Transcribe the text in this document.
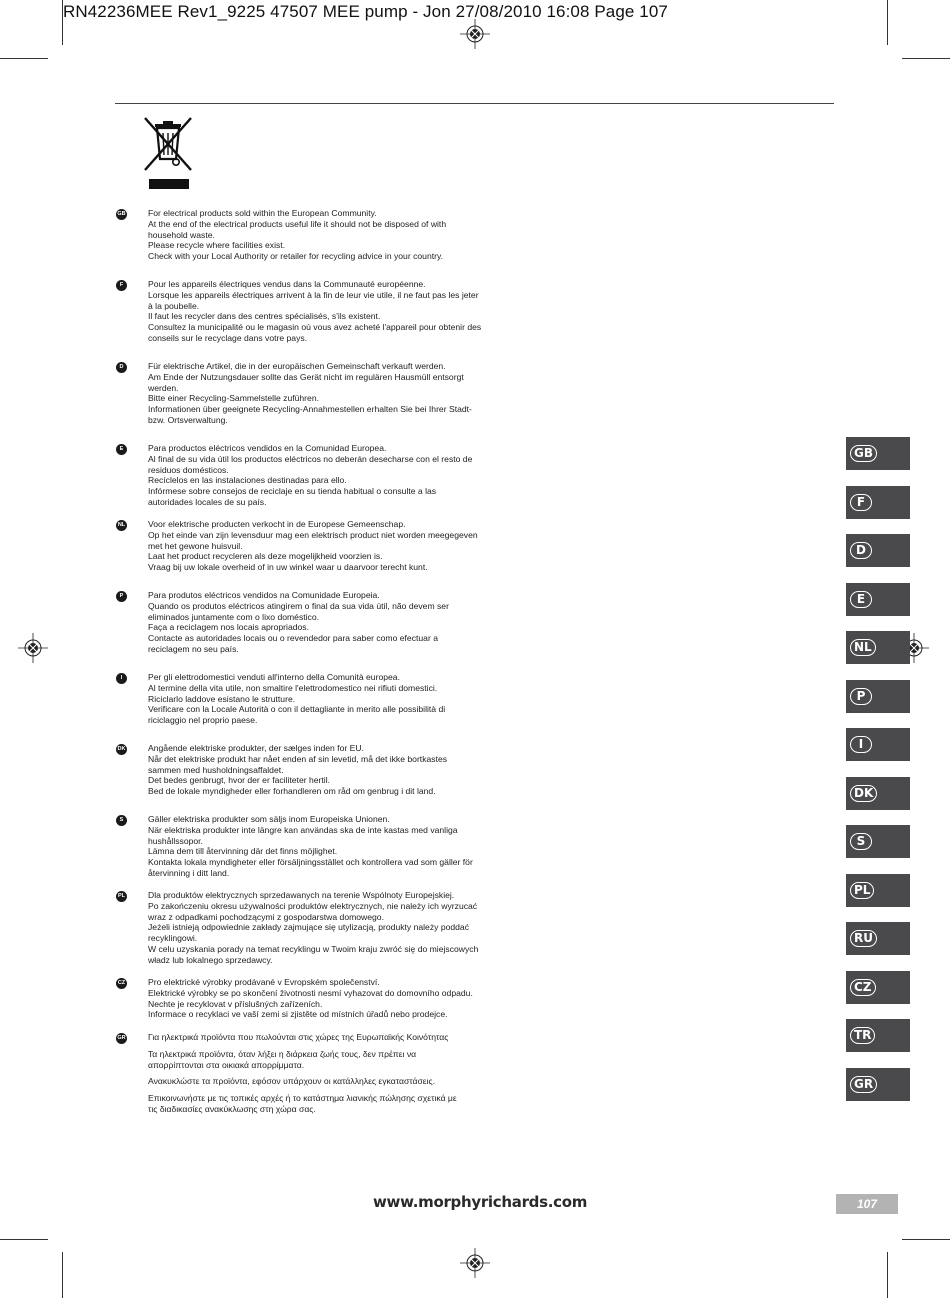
RN42236MEE Rev1_9225 47507 MEE pump - Jon 27/08/2010 16:08 Page 107
GB	For electrical products sold within the European Community.
At the end of the electrical products useful life it should not be disposed of with
household waste.
Please recycle where facilities exist.
Check with your Local Authority or retailer for recycling advice in your country.
F	Pour les appareils électriques vendus dans la Communauté européenne.
Lorsque les appareils électriques arrivent à la fin de leur vie utile, il ne faut pas les jeter
à la poubelle.
Il faut les recycler dans des centres spécialisés, s'ils existent.
Consultez la municipalité ou le magasin où vous avez acheté l'appareil pour obtenir des
conseils sur le recyclage dans votre pays.
D	Für elektrische Artikel, die in der europäischen Gemeinschaft verkauft werden.
Am Ende der Nutzungsdauer sollte das Gerät nicht im regulären Hausmüll entsorgt
werden.
Bitte einer Recycling-Sammelstelle zuführen.
Informationen über geeignete Recycling-Annahmestellen erhalten Sie bei Ihrer Stadt-
bzw. Ortsverwaltung.
E	Para productos eléctricos vendidos en la Comunidad Europea.
Al final de su vida útil los productos eléctricos no deberán desecharse con el resto de
residuos domésticos.
Recíclelos en las instalaciones destinadas para ello.
Infórmese sobre consejos de reciclaje en su tienda habitual o consulte a las
autoridades locales de su país.
NL	Voor elektrische producten verkocht in de Europese Gemeenschap.
Op het einde van zijn levensduur mag een elektrisch product niet worden meegegeven
met het gewone huisvuil.
Laat het product recycleren als deze mogelijkheid voorzien is.
Vraag bij uw lokale overheid of in uw winkel waar u daarvoor terecht kunt.
P	Para produtos eléctricos vendidos na Comunidade Europeia.
Quando os produtos eléctricos atingirem o final da sua vida útil, não devem ser
eliminados juntamente com o lixo doméstico.
Faça a reciclagem nos locais apropriados.
Contacte as autoridades locais ou o revendedor para saber como efectuar a
reciclagem no seu país.
I	Per gli elettrodomestici venduti all'interno della Comunità europea.
Al termine della vita utile, non smaltire l'elettrodomestico nei rifiuti domestici.
Riciclarlo laddove esistano le strutture.
Verificare con la Locale Autorità o con il dettagliante in merito alle possibilità di
riciclaggio nel proprio paese.
DK	Angående elektriske produkter, der sælges inden for EU.
Når det elektriske produkt har nået enden af sin levetid, må det ikke bortkastes
sammen med husholdningsaffaldet.
Det bedes genbrugt, hvor der er faciliteter hertil.
Bed de lokale myndigheder eller forhandleren om råd om genbrug i dit land.
S	Gäller elektriska produkter som säljs inom Europeiska Unionen.
När elektriska produkter inte längre kan användas ska de inte kastas med vanliga
hushållssopor.
Lämna dem till återvinning där det finns möjlighet.
Kontakta lokala myndigheter eller försäljningsstället och kontrollera vad som gäller för
återvinning i ditt land.
PL	Dla produktów elektrycznych sprzedawanych na terenie Wspólnoty Europejskiej.
Po zakończeniu okresu używalności produktów elektrycznych, nie należy ich wyrzucać
wraz z odpadkami pochodzącymi z gospodarstwa domowego.
Jeżeli istnieją odpowiednie zakłady zajmujące się utylizacją, produkty należy poddać
recyklingowi.
W celu uzyskania porady na temat recyklingu w Twoim kraju zwróć się do miejscowych
władz lub lokalnego sprzedawcy.
CZ	Pro elektrické výrobky prodávané v Evropském společenství.
Elektrické výrobky se po skončení životnosti nesmí vyhazovat do domovního odpadu.
Nechte je recyklovat v příslušných zařízeních.
Informace o recyklaci ve vaší zemi si zjistěte od místních úřadů nebo prodejce.
GR	Για ηλεκτρικά προϊόντα που πωλούνται στις χώρες της Ευρωπαϊκής Κοινότητας
Τα ηλεκτρικά προϊόντα, όταν λήξει η διάρκεια ζωής τους, δεν πρέπει να
απορρίπτονται στα οικιακά απορρίμματα.
Ανακυκλώστε τα προϊόντα, εφόσον υπάρχουν οι κατάλληλες εγκαταστάσεις.
Επικοινωνήστε με τις τοπικές αρχές ή το κατάστημα λιανικής πώλησης σχετικά με
τις διαδικασίες ανακύκλωσης στη χώρα σας.
GB
F
D
E
NL
P
I
DK
S
PL
RU
CZ
TR
GR
www.morphyrichards.com	107
